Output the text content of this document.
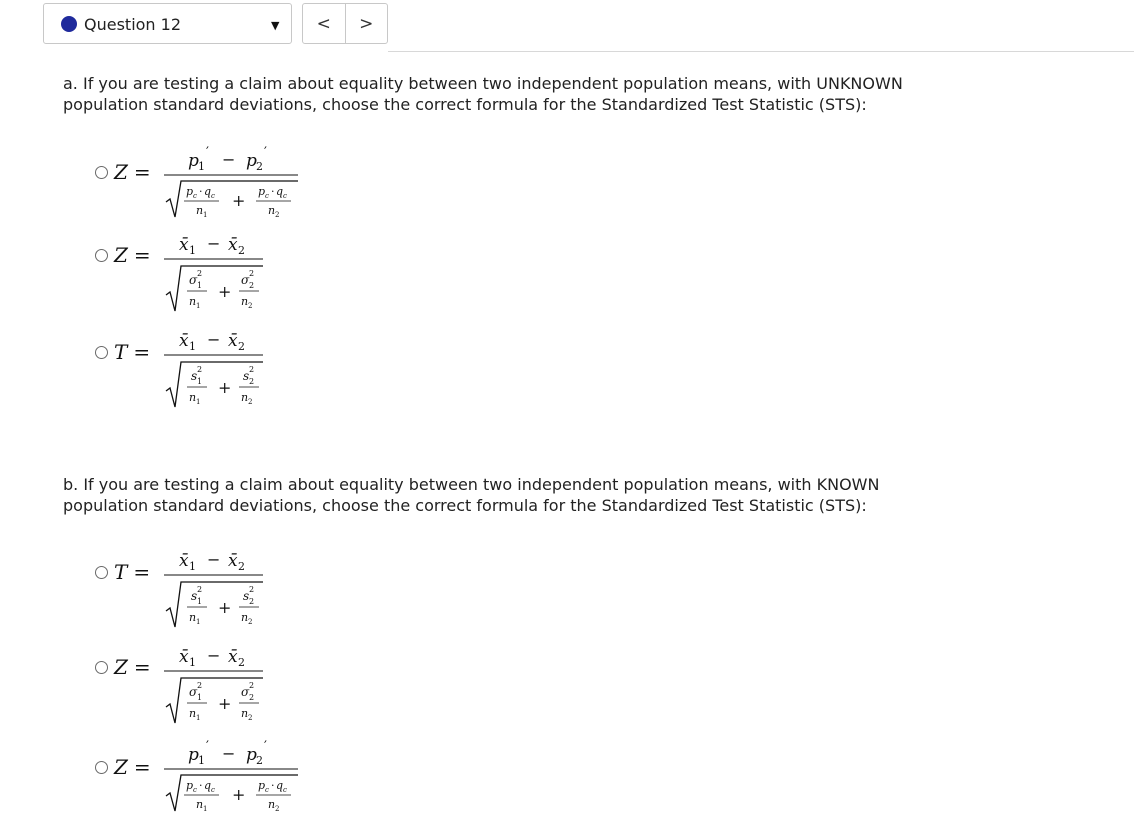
Question 12	▼	<	>

a. If you are testing a claim about equality between two independent population means, with UNKNOWN population standard deviations, choose the correct formula for the Standardized Test Statistic (STS):

Z =
Z =
T =

b. If you are testing a claim about equality between two independent population means, with KNOWN population standard deviations, choose the correct formula for the Standardized Test Statistic (STS):

T =
Z =
Z =
p 1
′ − p 2
′
p c · q c
n 1
+ p c · q c
n 2
x̄ 1 − x̄ 2
σ 2
1
n 1
+
σ 2
2
n 2
x̄ 1 − x̄ 2
s 2
1
n 1
+
s 2
2
n 2
x̄ 1 − x̄ 2
s 2
1
n 1
+
s 2
2
n 2
x̄ 1 − x̄ 2
σ 2
1
n 1
+
σ 2
2
n 2
p 1
′ − p 2
′
p c · q c
n 1
+ p c · q c
n 2
